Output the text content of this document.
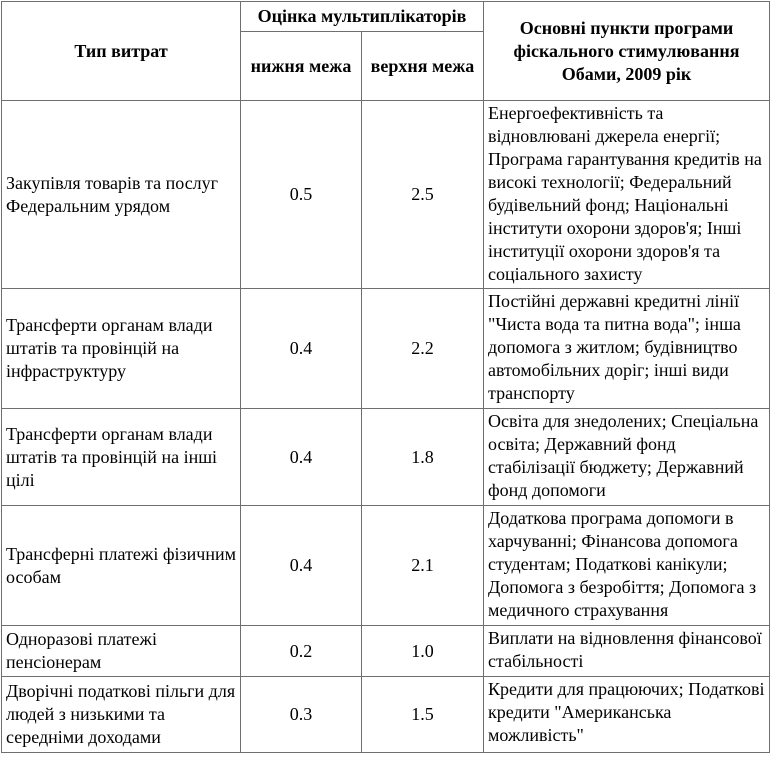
Тип витрат	Оцінка мультиплікаторів		Основні пункти програми фіскального стимулювання Обами, 2009 рік
	нижня межа	верхня межа	
Закупівля товарів та послуг Федеральним урядом	0.5	2.5	Енергоефективність та відновлювані джерела енергії; Програма гарантування кредитів на високі технології; Федеральний будівельний фонд; Національні інститути охорони здоров'я; Інші інституції охорони здоров'я та соціального захисту
Трансферти органам влади штатів та провінцій на інфраструктуру	0.4	2.2	Постійні державні кредитні лінії "Чиста вода та питна вода"; інша допомога з житлом; будівництво автомобільних доріг; інші види транспорту
Трансферти органам влади штатів та провінцій на інші цілі	0.4	1.8	Освіта для знедолених; Спеціальна освіта; Державний фонд стабілізації бюджету; Державний фонд допомоги
Трансферні платежі фізичним особам	0.4	2.1	Додаткова програма допомоги в харчуванні; Фінансова допомога студентам; Податкові канікули; Допомога з безробіття; Допомога з медичного страхування
Одноразові платежі пенсіонерам	0.2	1.0	Виплати на відновлення фінансової стабільності
Дворічні податкові пільги для людей з низькими та середніми доходами	0.3	1.5	Кредити для працюючих; Податкові кредити "Американська можливість"
